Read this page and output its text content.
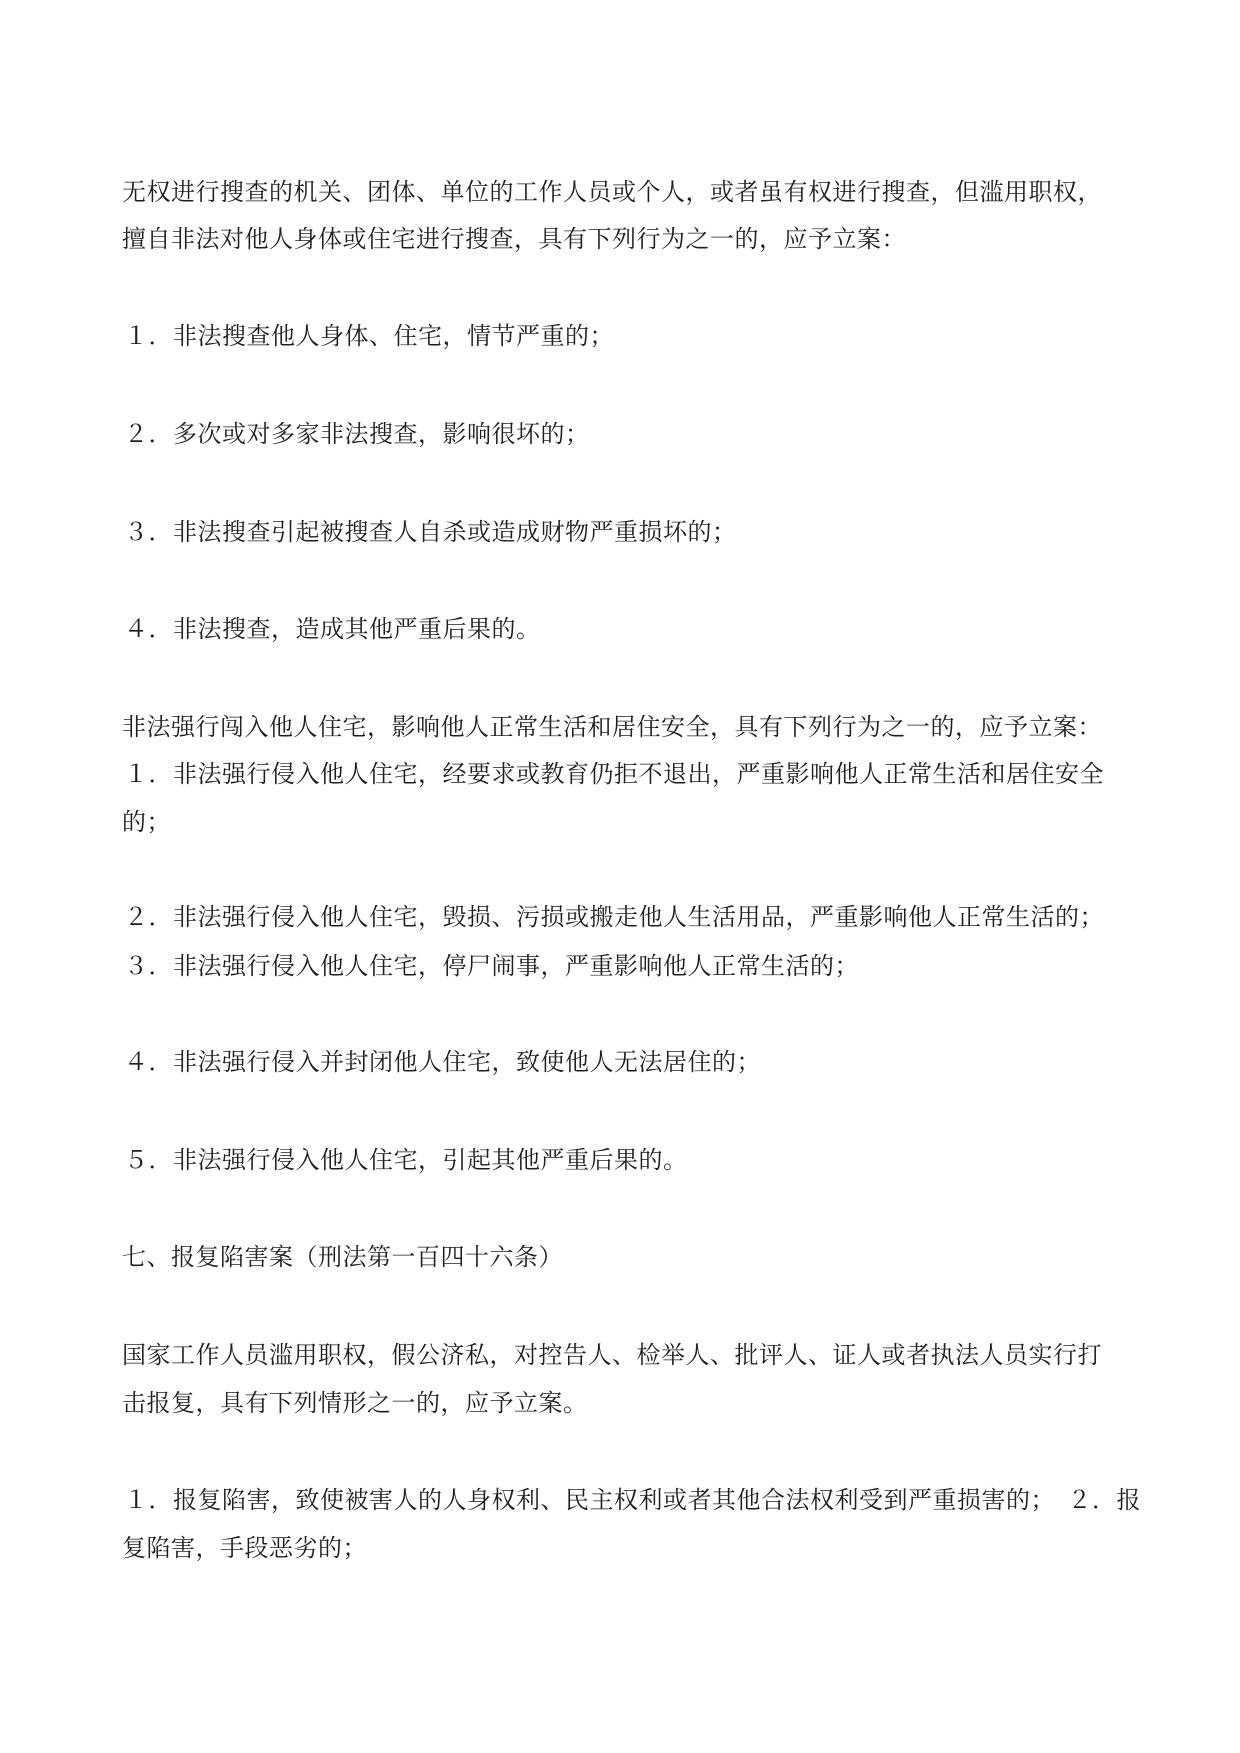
无权进行搜查的机关、团体、单位的工作人员或个人，或者虽有权进行搜查，但滥用职权，
擅自非法对他人身体或住宅进行搜查，具有下列行为之一的，应予立案：
１．非法搜查他人身体、住宅，情节严重的；
２．多次或对多家非法搜查，影响很坏的；
３．非法搜查引起被搜查人自杀或造成财物严重损坏的；
４．非法搜查，造成其他严重后果的。
非法强行闯入他人住宅，影响他人正常生活和居住安全，具有下列行为之一的，应予立案：
１．非法强行侵入他人住宅，经要求或教育仍拒不退出，严重影响他人正常生活和居住安全
的；
２．非法强行侵入他人住宅，毁损、污损或搬走他人生活用品，严重影响他人正常生活的；
３．非法强行侵入他人住宅，停尸闹事，严重影响他人正常生活的；
４．非法强行侵入并封闭他人住宅，致使他人无法居住的；
５．非法强行侵入他人住宅，引起其他严重后果的。
七、报复陷害案（刑法第一百四十六条）
国家工作人员滥用职权，假公济私，对控告人、检举人、批评人、证人或者执法人员实行打
击报复，具有下列情形之一的，应予立案。
１．报复陷害，致使被害人的人身权利、民主权利或者其他合法权利受到严重损害的；　２．报
复陷害，手段恶劣的；
